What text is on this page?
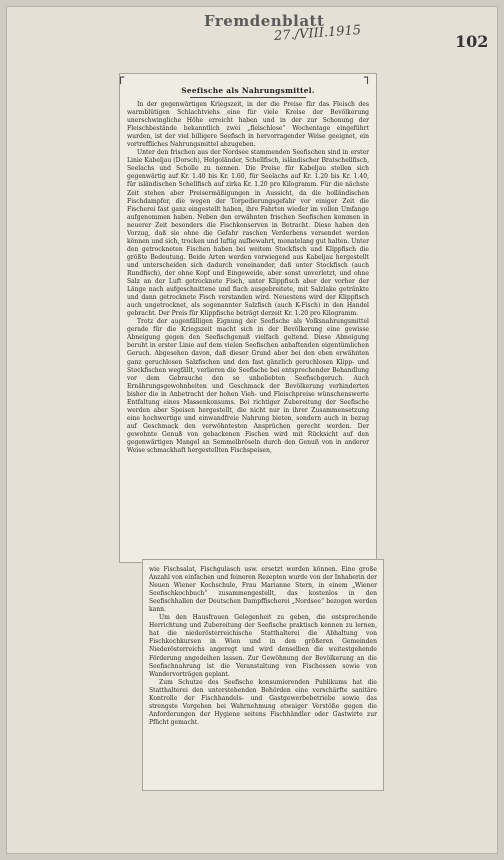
Fremdenblatt
27./VIII.1915	102
┌	┐
Seefische als Nahrungsmittel.

In der gegenwärtigen Kriegszeit, in der die Preise für das Fleisch des warmblütigen Schlachtviehs eine für viele Kreise der Bevölkerung unerschwingliche Höhe erreicht haben und in der zur Schonung der Fleischbestände bekanntlich zwei „fleischlose“ Wochentage eingeführt wurden, ist der viel billigere Seefisch in hervorragender Weise geeignet, ein vortreffliches Nahrungsmittel abzugeben.

Unter den frischen aus der Nordsee stammenden Seefischen sind in erster Linie Kabeljau (Dorsch), Helgoländer, Schellfisch, isländischer Bratschellfisch, Seelachs und Scholle zu nennen. Die Preise für Kabeljau stellen sich gegenwärtig auf Kr. 1.40 bis Kr. 1.60, für Seelachs auf Kr. 1.20 bis Kr. 1.40, für isländischen Schellfisch auf zirka Kr. 1.20 pro Kilogramm. Für die nächste Zeit stehen aber Preisermäßigungen in Aussicht, da die holländischen Fischdampfer, die wegen der Torpedierungsgefahr vor einiger Zeit die Fischerei fast ganz eingestellt haben, ihre Fahrten wieder im vollen Umfange aufgenommen haben. Neben den erwähnten frischen Seefischen kommen in neuerer Zeit besonders die Fischkonserven in Betracht. Diese haben den Vorzug, daß sie ohne die Gefahr raschen Verderbens versendet werden können und sich, trocken und luftig aufbewahrt, monatelang gut halten. Unter den getrockneten Fischen haben bei weitem Stockfisch und Klippfisch die größte Bedeutung. Beide Arten werden vorwiegend aus Kabeljau hergestellt und unterscheiden sich dadurch voneinander, daß unter Stockfisch (auch Rundfisch), der ohne Kopf und Eingeweide, aber sonst unverletzt, und ohne Salz an der Luft getrocknete Fisch, unter Klippfisch aber der vorher der Länge nach aufgeschnittene und flach ausgebreitete, mit Salzlake getränkte und dann getrocknete Fisch verstanden wird. Neuestens wird der Klippfisch auch ungetrocknet, als sogenannter Salzfisch (auch K-Fisch) in den Handel gebracht. Der Preis für Klippfische beträgt derzeit Kr. 1.20 pro Kilogramm.

Trotz der augenfälligen Eignung der Seefische als Volksnahrungsmittel gerade für die Kriegszeit macht sich in der Bevölkerung eine gewisse Abneigung gegen den Seefischgenuß vielfach geltend. Diese Abneigung beruht in erster Linie auf dem vielen Seefischen anhaftenden eigentümlichen Geruch. Abgesehen davon, daß dieser Grund aber bei den eben erwähnten ganz geruchlosen Salzfischen und den fast gänzlich geruchlosen Klipp- und Stockfischen wegfällt, verlieren die Seefische bei entsprechender Behandlung vor dem Gebrauche den so unbeliebten Seefischgeruch. Auch Ernährungsgewohnheiten und Geschmack der Bevölkerung verhinderten bisher die in Anbetracht der hohen Vieh- und Fleischpreise wünschenswerte Entfaltung eines Massenkonsums. Bei richtiger Zubereitung der Seefische werden aber Speisen hergestellt, die nicht nur in ihrer Zusammensetzung eine hochwertige und einwandfreie Nahrung bieten, sondern auch in bezug auf Geschmack den verwöhntesten Ansprüchen gerecht werden. Der gewohnte Genuß von gebackenen Fischen wird mit Rücksicht auf den gegenwärtigen Mangel an Semmelbröseln durch den Genuß von in anderer Weise schmackhaft hergestellten Fischspeisen,

wie Fischsalat, Fischgulasch usw. ersetzt werden können. Eine große Anzahl von einfachen und feineren Rezepten wurde von der Inhaberin der Neuen Wiener Kochschule, Frau Marianne Stern, in einem „Wiener Seefischkochbuch“ zusammengestellt, das kostenlos in den Seefischhallen der Deutschen Dampffischerei „Nordsee“ bezogen werden kann.

Um den Hausfrauen Gelegenheit zu geben, die entsprechende Herrichtung und Zubereitung der Seefische praktisch kennen zu lernen, hat die niederösterreichische Statthalterei die Abhaltung von Fischkochkursen in Wien und in den größeren Gemeinden Niederösterreichs angeregt und wird denselben die weitestgehende Förderung angedeihen lassen. Zur Gewöhnung der Bevölkerung an die Seefischnahrung ist die Veranstaltung von Fischessen sowie von Wandervorträgen geplant.

Zum Schutze des Seefische konsumierenden Publikums hat die Statthalterei den unterstehenden Behörden eine verschärfte sanitäre Kontrolle der Fischhandels- und Gastgewerbebetriebe sowie das strengste Vorgehen bei Wahrnehmung etwaiger Verstöße gegen die Anforderungen der Hygiene seitens Fischhändler oder Gastwirte zur Pflicht gemacht.
